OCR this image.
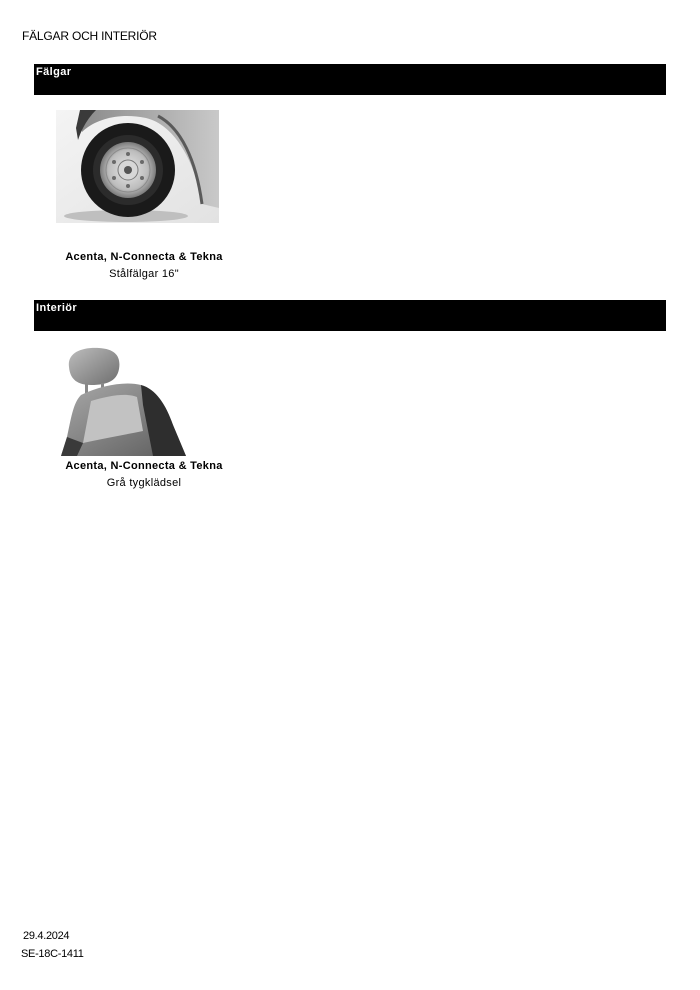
FÄLGAR OCH INTERIÖR
Fälgar
Acenta, N-Connecta & Tekna
Stålfälgar 16"
Interiör
Acenta, N-Connecta & Tekna
Grå tygklädsel
29.4.2024
SE-18C-1411
